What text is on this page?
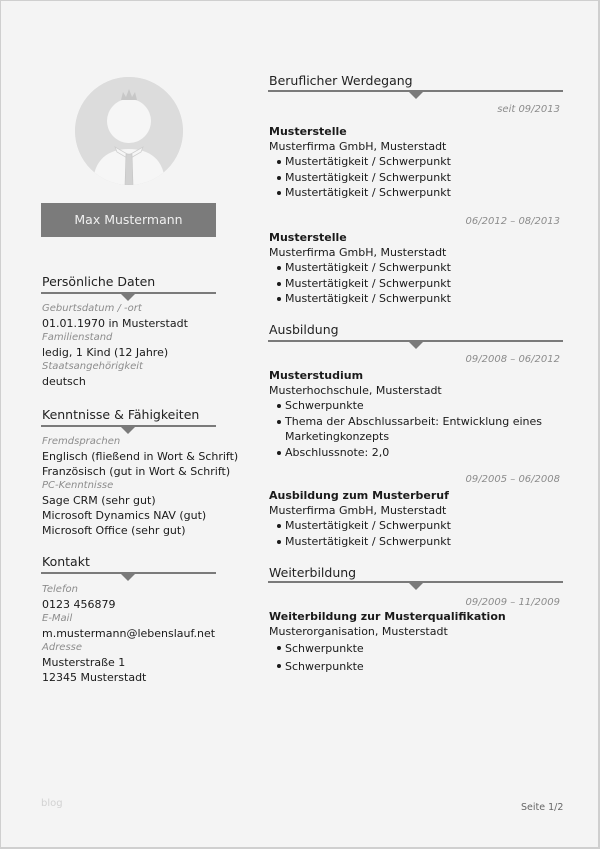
Max Mustermann
Persönliche Daten
Geburtsdatum / -ort
01.01.1970 in Musterstadt
Familienstand
ledig, 1 Kind (12 Jahre)
Staatsangehörigkeit
deutsch
Kenntnisse & Fähigkeiten
Fremdsprachen
Englisch (fließend in Wort & Schrift)
Französisch (gut in Wort & Schrift)
PC-Kenntnisse
Sage CRM (sehr gut)
Microsoft Dynamics NAV (gut)
Microsoft Office (sehr gut)
Kontakt
Telefon
0123 456879
E-Mail
m.mustermann@lebenslauf.net
Adresse
Musterstraße 1
12345 Musterstadt
Beruflicher Werdegang
seit 09/2013
Musterstelle
Musterfirma GmbH, Musterstadt
Mustertätigkeit / Schwerpunkt
Mustertätigkeit / Schwerpunkt
Mustertätigkeit / Schwerpunkt
06/2012 – 08/2013
Musterstelle
Musterfirma GmbH, Musterstadt
Mustertätigkeit / Schwerpunkt
Mustertätigkeit / Schwerpunkt
Mustertätigkeit / Schwerpunkt
Ausbildung
09/2008 – 06/2012
Musterstudium
Musterhochschule, Musterstadt
Schwerpunkte
Thema der Abschlussarbeit: Entwicklung eines Marketingkonzepts
Abschlussnote: 2,0
09/2005 – 06/2008
Ausbildung zum Musterberuf
Musterfirma GmbH, Musterstadt
Mustertätigkeit / Schwerpunkt
Mustertätigkeit / Schwerpunkt
Weiterbildung
09/2009 – 11/2009
Weiterbildung zur Musterqualifikation
Musterorganisation, Musterstadt
Schwerpunkte
Schwerpunkte
blog	Seite 1/2
